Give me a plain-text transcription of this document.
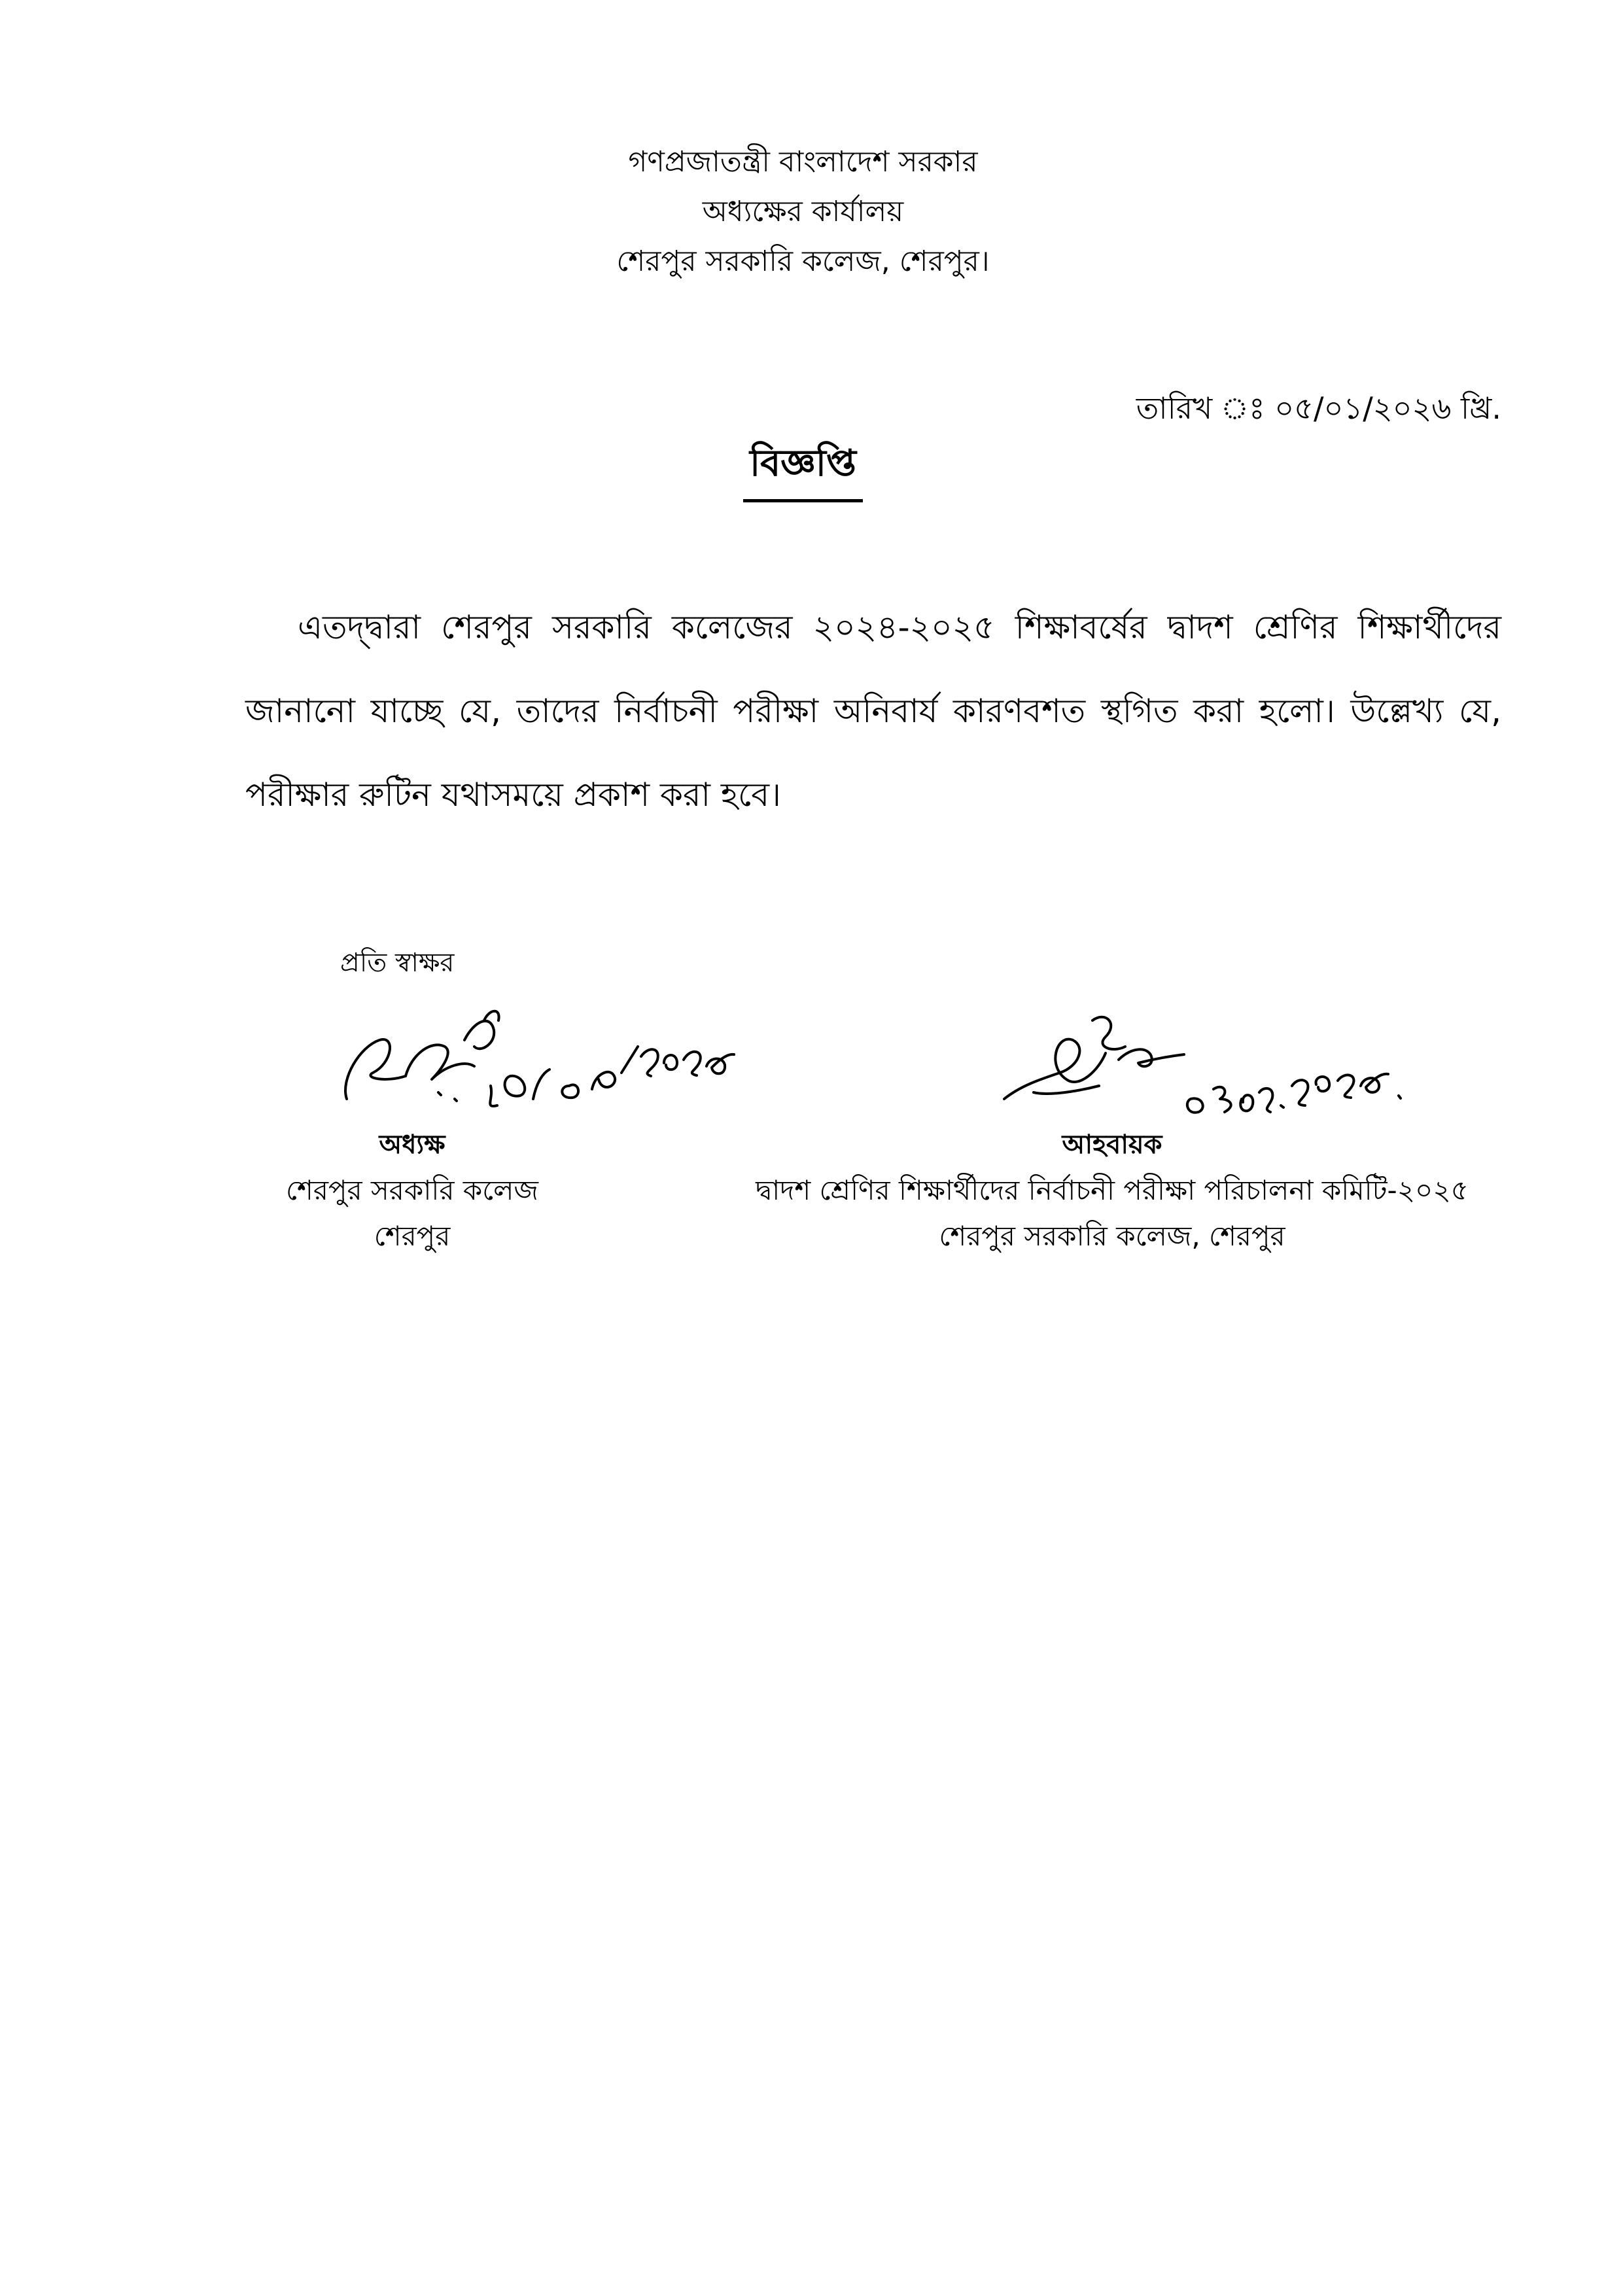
গণপ্রজাতন্ত্রী বাংলাদেশ সরকার
অধ্যক্ষের কার্যালয়
শেরপুর সরকারি কলেজ, শেরপুর।
তারিখ ঃ ০৫/০১/২০২৬ খ্রি.
বিজ্ঞপ্তি
এতদ্দ্বারা শেরপুর সরকারি কলেজের ২০২৪-২০২৫ শিক্ষাবর্ষের দ্বাদশ শ্রেণির শিক্ষার্থীদের জানানো যাচ্ছে যে, তাদের নির্বাচনী পরীক্ষা অনিবার্য কারণবশত স্থগিত করা হলো। উল্লেখ্য যে, পরীক্ষার রুটিন যথাসময়ে প্রকাশ করা হবে।
প্রতি স্বাক্ষর
অধ্যক্ষ
শেরপুর সরকারি কলেজ
শেরপুর
আহবায়ক
দ্বাদশ শ্রেণির শিক্ষার্থীদের নির্বাচনী পরীক্ষা পরিচালনা কমিটি-২০২৫
শেরপুর সরকারি কলেজ, শেরপুর
